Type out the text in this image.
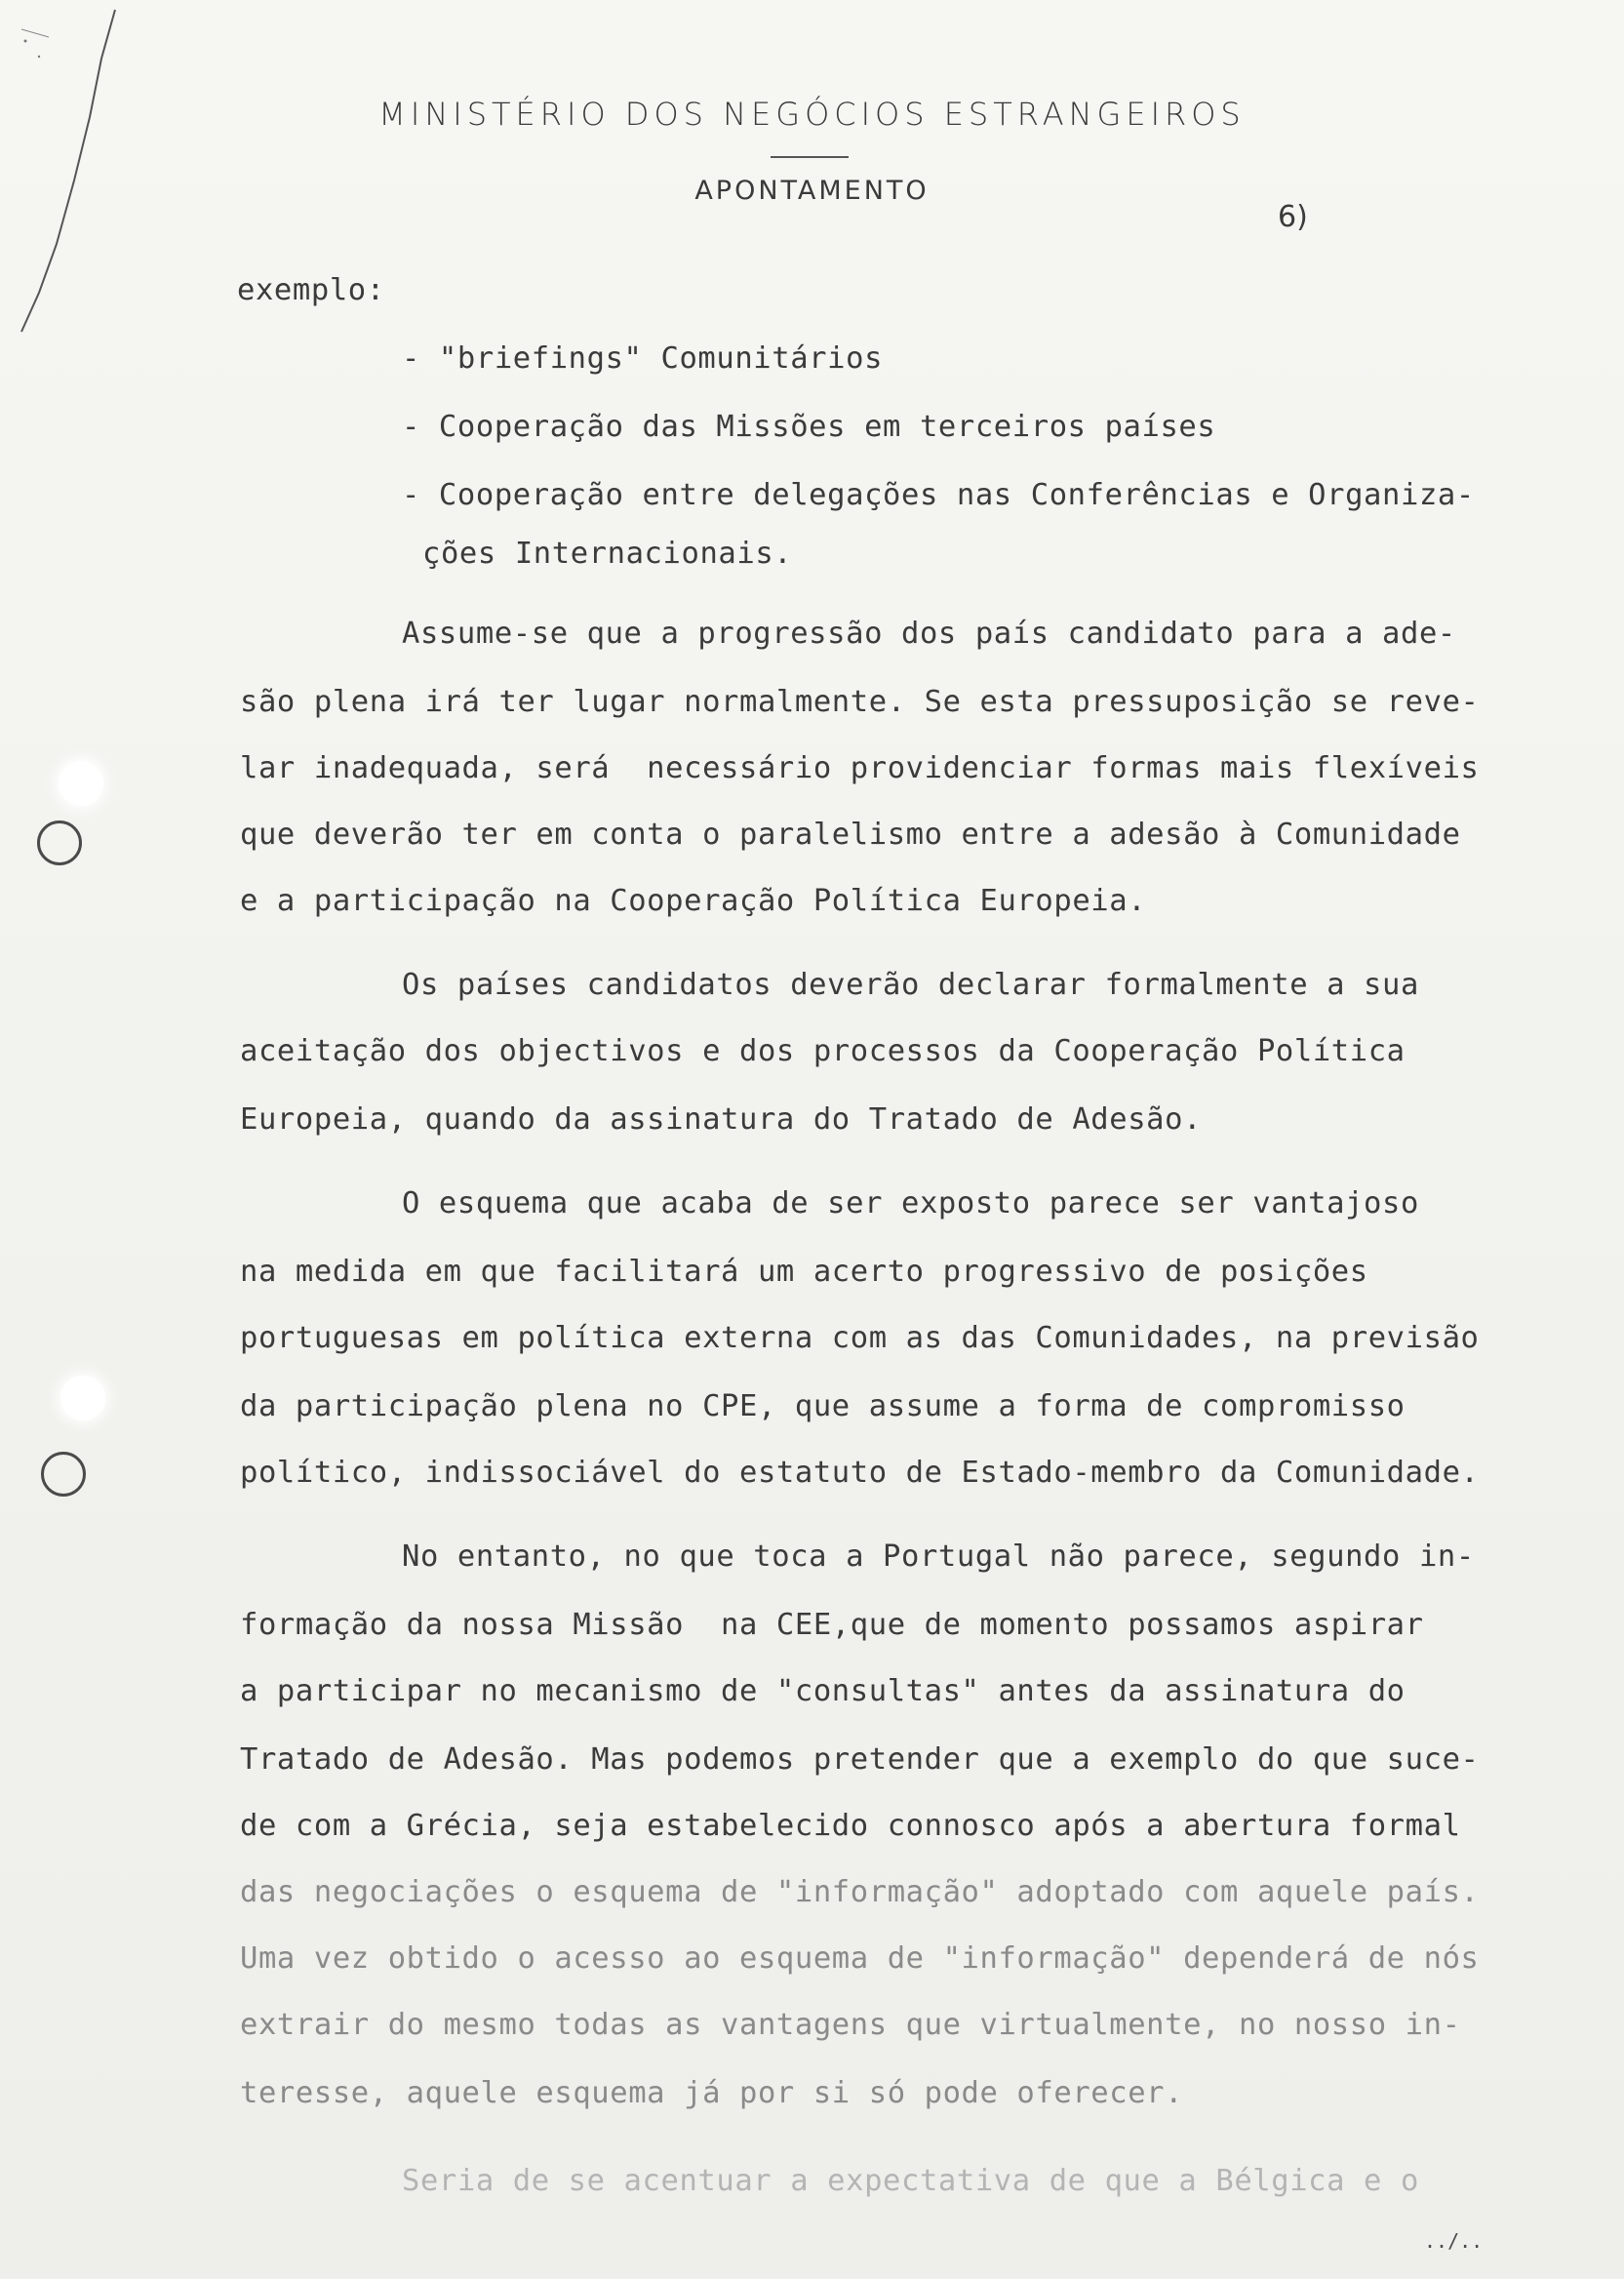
MINISTÉRIO DOS NEGÓCIOS ESTRANGEIROS
APONTAMENTO
6)
exemplo:
- "briefings" Comunitários
- Cooperação das Missões em terceiros países
- Cooperação entre delegações nas Conferências e Organiza-
ções Internacionais.
Assume-se que a progressão dos país candidato para a ade-
são plena irá ter lugar normalmente. Se esta pressuposição se reve-
lar inadequada, será  necessário providenciar formas mais flexíveis
que deverão ter em conta o paralelismo entre a adesão à Comunidade
e a participação na Cooperação Política Europeia.
Os países candidatos deverão declarar formalmente a sua
aceitação dos objectivos e dos processos da Cooperação Política
Europeia, quando da assinatura do Tratado de Adesão.
O esquema que acaba de ser exposto parece ser vantajoso
na medida em que facilitará um acerto progressivo de posições
portuguesas em política externa com as das Comunidades, na previsão
da participação plena no CPE, que assume a forma de compromisso
político, indissociável do estatuto de Estado-membro da Comunidade.
No entanto, no que toca a Portugal não parece, segundo in-
formação da nossa Missão  na CEE,que de momento possamos aspirar
a participar no mecanismo de "consultas" antes da assinatura do
Tratado de Adesão. Mas podemos pretender que a exemplo do que suce-
de com a Grécia, seja estabelecido connosco após a abertura formal
das negociações o esquema de "informação" adoptado com aquele país.
Uma vez obtido o acesso ao esquema de "informação" dependerá de nós
extrair do mesmo todas as vantagens que virtualmente, no nosso in-
teresse, aquele esquema já por si só pode oferecer.
Seria de se acentuar a expectativa de que a Bélgica e o
../..
